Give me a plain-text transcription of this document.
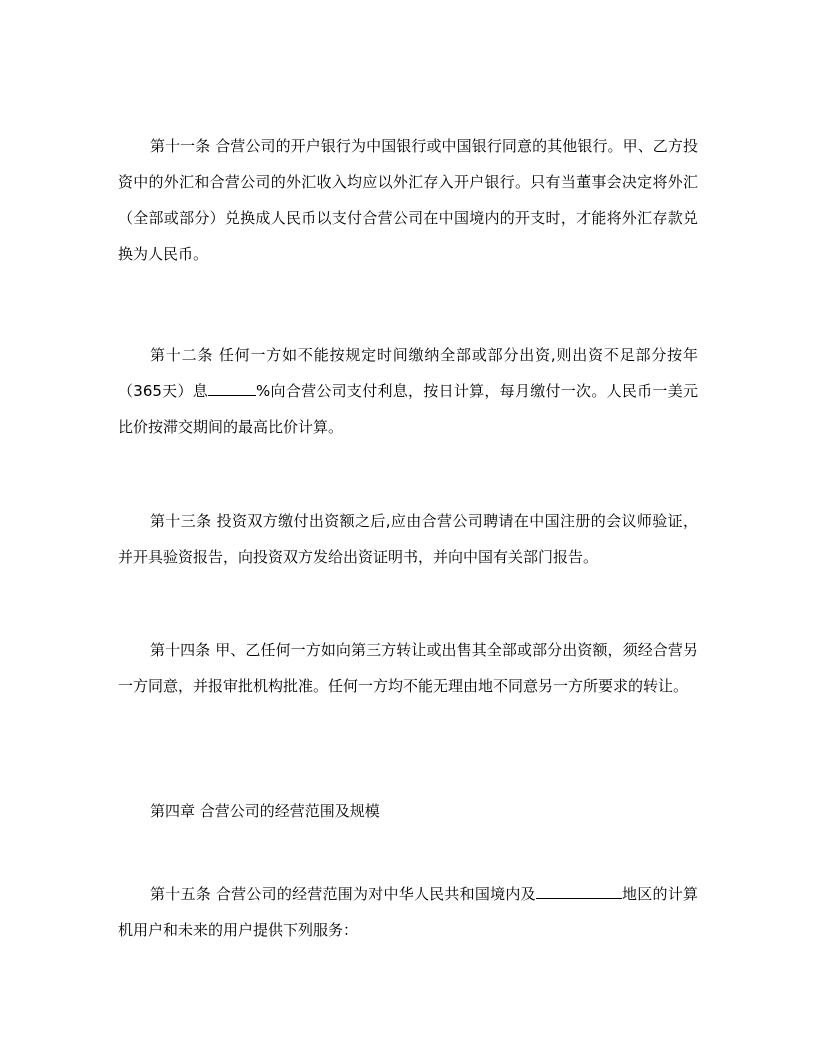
第十一条 合营公司的开户银行为中国银行或中国银行同意的其他银行。甲、乙方投资中的外汇和合营公司的外汇收入均应以外汇存入开户银行。只有当董事会决定将外汇（全部或部分）兑换成人民币以支付合营公司在中国境内的开支时，才能将外汇存款兑换为人民币。

第十二条 任何一方如不能按规定时间缴纳全部或部分出资,则出资不足部分按年（365天）息	%向合营公司支付利息，按日计算，每月缴付一次。人民币一美元比价按滞交期间的最高比价计算。

第十三条 投资双方缴付出资额之后,应由合营公司聘请在中国注册的会议师验证，并开具验资报告，向投资双方发给出资证明书，并向中国有关部门报告。

第十四条 甲、乙任何一方如向第三方转让或出售其全部或部分出资额，须经合营另一方同意，并报审批机构批准。任何一方均不能无理由地不同意另一方所要求的转让。

第四章 合营公司的经营范围及规模

第十五条 合营公司的经营范围为对中华人民共和国境内及	地区的计算机用户和未来的用户提供下列服务：
